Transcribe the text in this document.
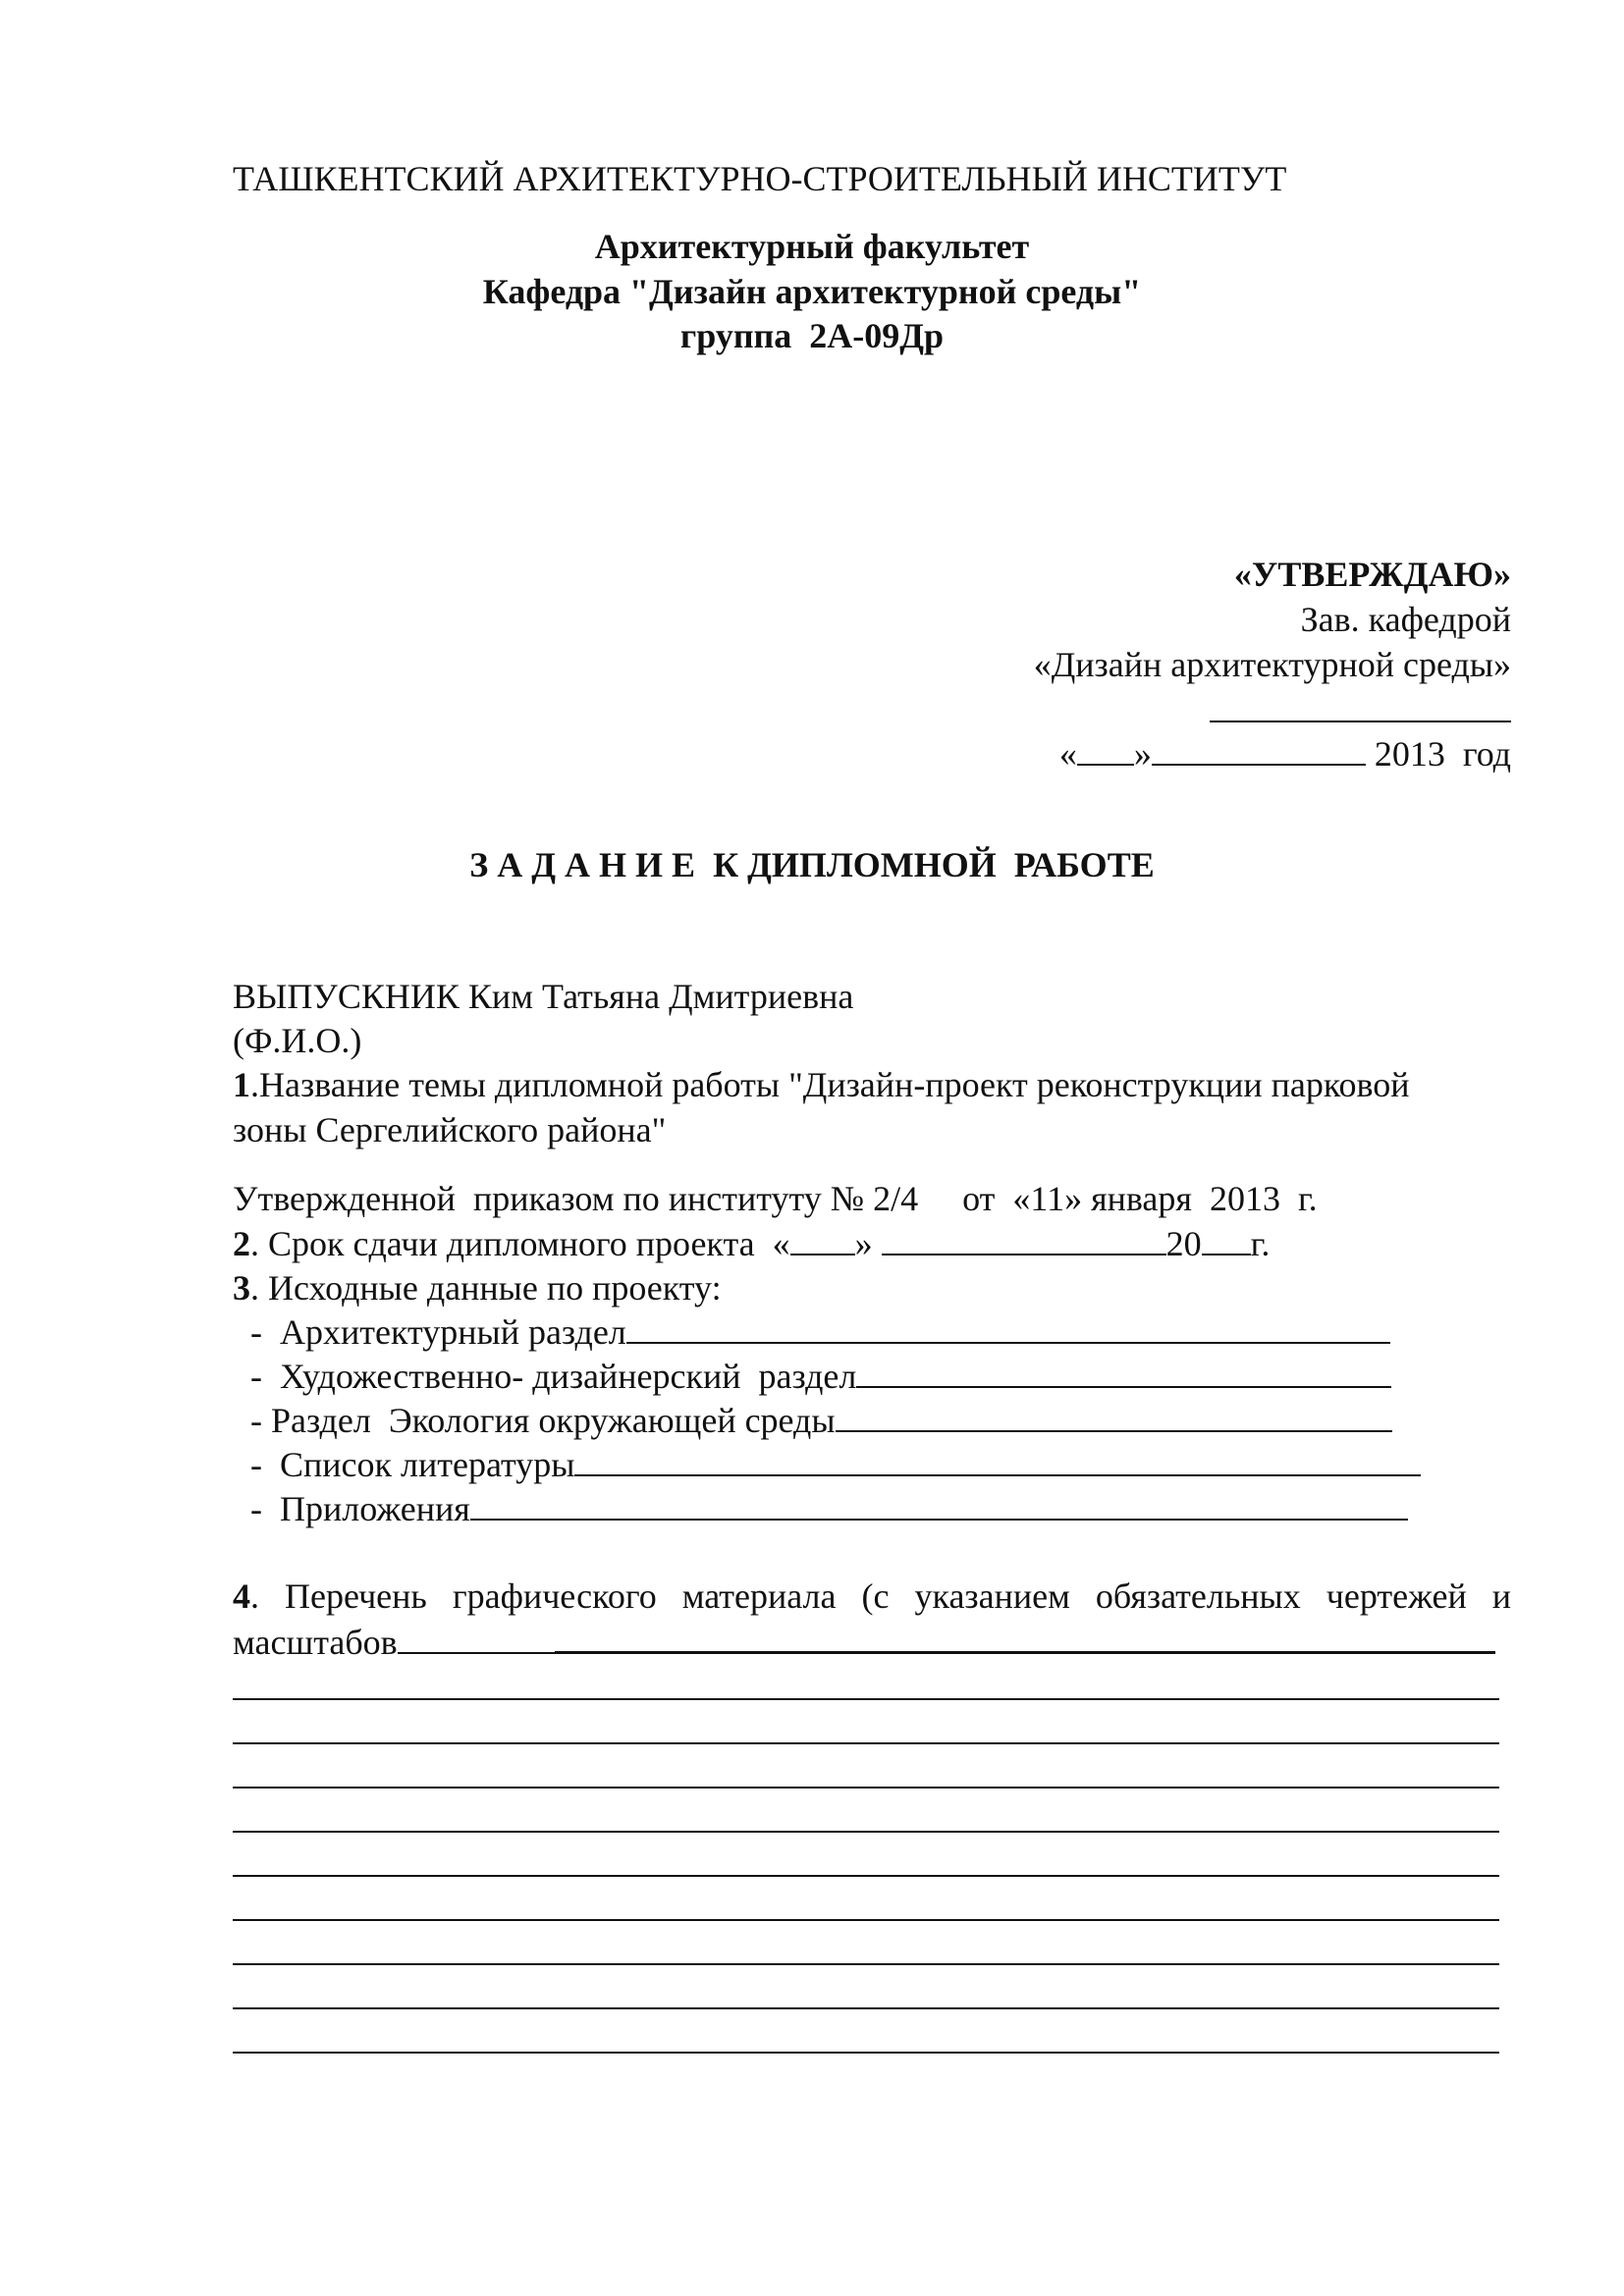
ТАШКЕНТСКИЙ АРХИТЕКТУРНО-СТРОИТЕЛЬНЫЙ ИНСТИТУТ
Архитектурный факультет
Кафедра "Дизайн архитектурной среды"
группа  2А-09Др
«УТВЕРЖДАЮ»
Зав. кафедрой
«Дизайн архитектурной среды»
« »	2013  год
З А Д А Н И Е  К ДИПЛОМНОЙ  РАБОТЕ
ВЫПУСКНИК Ким Татьяна Дмитриевна
(Ф.И.О.)
1.Название темы дипломной работы "Дизайн-проект реконструкции парковой
зоны Сергелийского района"
Утвержденной  приказом по институту № 2/4     от  «11» января  2013  г.
2. Срок сдачи дипломного проекта  « »	20 г.
3. Исходные данные по проекту:
-  Архитектурный раздел
-  Художественно- дизайнерский  раздел
- Раздел  Экология окружающей среды
-  Список литературы
-  Приложения
4. Перечень графического материала (с указанием обязательных чертежей и
масштабов
